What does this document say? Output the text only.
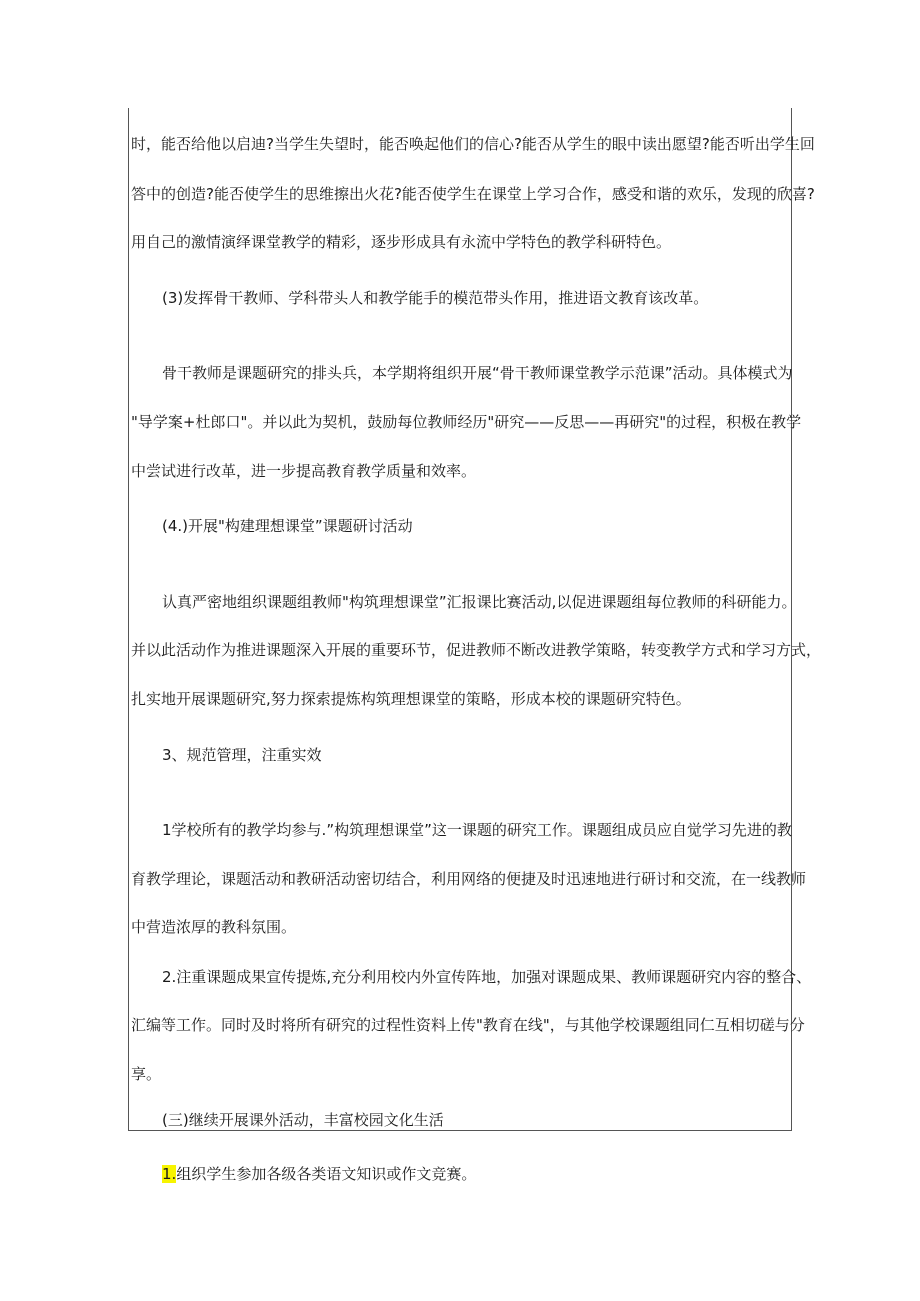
时，能否给他以启迪?当学生失望时，能否唤起他们的信心?能否从学生的眼中读出愿望?能否听出学生回
答中的创造?能否使学生的思维擦出火花?能否使学生在课堂上学习合作，感受和谐的欢乐，发现的欣喜?
用自己的激情演绎课堂教学的精彩，逐步形成具有永流中学特色的教学科研特色。
(3)发挥骨干教师、学科带头人和教学能手的模范带头作用，推进语文教育该改革。
骨干教师是课题研究的排头兵，本学期将组织开展“骨干教师课堂教学示范课”活动。具体模式为
"导学案+杜郎口"。并以此为契机，鼓励每位教师经历"研究——反思——再研究"的过程，积极在教学
中尝试进行改革，进一步提高教育教学质量和效率。
(4.)开展"构建理想课堂”课题研讨活动
认真严密地组织课题组教师"构筑理想课堂”汇报课比赛活动,以促进课题组每位教师的科研能力。
并以此活动作为推进课题深入开展的重要环节，促进教师不断改进教学策略，转变教学方式和学习方式，
扎实地开展课题研究,努力探索提炼构筑理想课堂的策略，形成本校的课题研究特色。
3、规范管理，注重实效
1学校所有的教学均参与.”构筑理想课堂”这一课题的研究工作。课题组成员应自觉学习先进的教
育教学理论，课题活动和教研活动密切结合，利用网络的便捷及时迅速地进行研讨和交流，在一线教师
中营造浓厚的教科氛围。
2.注重课题成果宣传提炼,充分利用校内外宣传阵地，加强对课题成果、教师课题研究内容的整合、
汇编等工作。同时及时将所有研究的过程性资料上传"教育在线"，与其他学校课题组同仁互相切磋与分
享。
(三)继续开展课外活动，丰富校园文化生活
1.组织学生参加各级各类语文知识或作文竞赛。
